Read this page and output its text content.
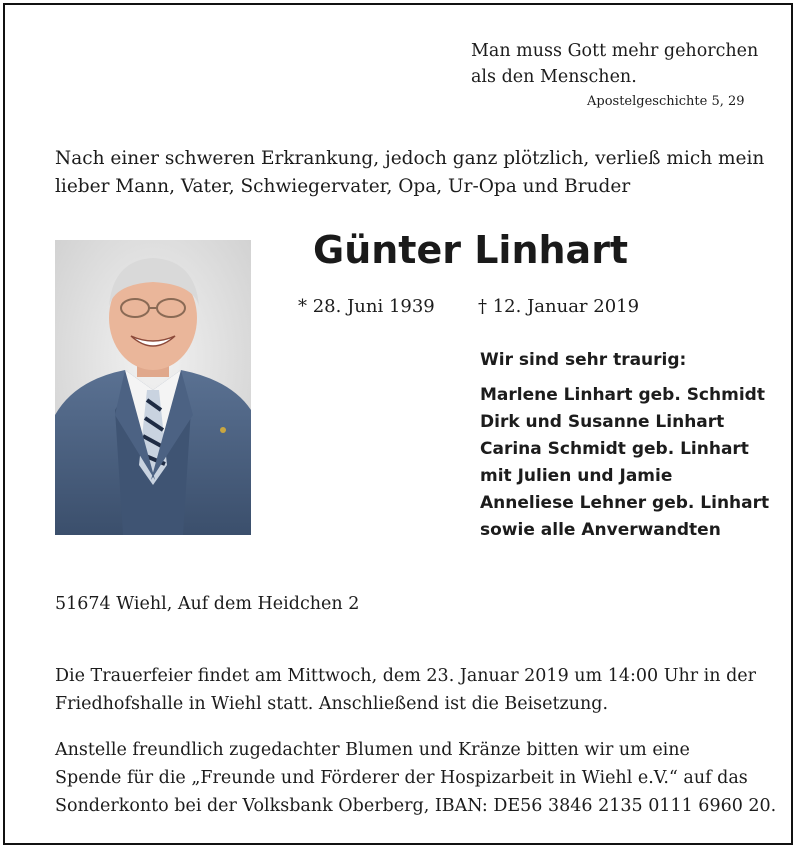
Man muss Gott mehr gehorchen
als den Menschen.
Apostelgeschichte 5, 29
Nach einer schweren Erkrankung, jedoch ganz plötzlich, verließ mich mein
lieber Mann, Vater, Schwiegervater, Opa, Ur-Opa und Bruder
Günter Linhart
* 28. Juni 1939 † 12. Januar 2019
Wir sind sehr traurig:
Marlene Linhart geb. Schmidt
Dirk und Susanne Linhart
Carina Schmidt geb. Linhart
mit Julien und Jamie
Anneliese Lehner geb. Linhart
sowie alle Anverwandten
51674 Wiehl, Auf dem Heidchen 2
Die Trauerfeier findet am Mittwoch, dem 23. Januar 2019 um 14:00 Uhr in der
Friedhofshalle in Wiehl statt. Anschließend ist die Beisetzung.
Anstelle freundlich zugedachter Blumen und Kränze bitten wir um eine
Spende für die „Freunde und Förderer der Hospizarbeit in Wiehl e.V.“ auf das
Sonderkonto bei der Volksbank Oberberg, IBAN: DE56 3846 2135 0111 6960 20.
